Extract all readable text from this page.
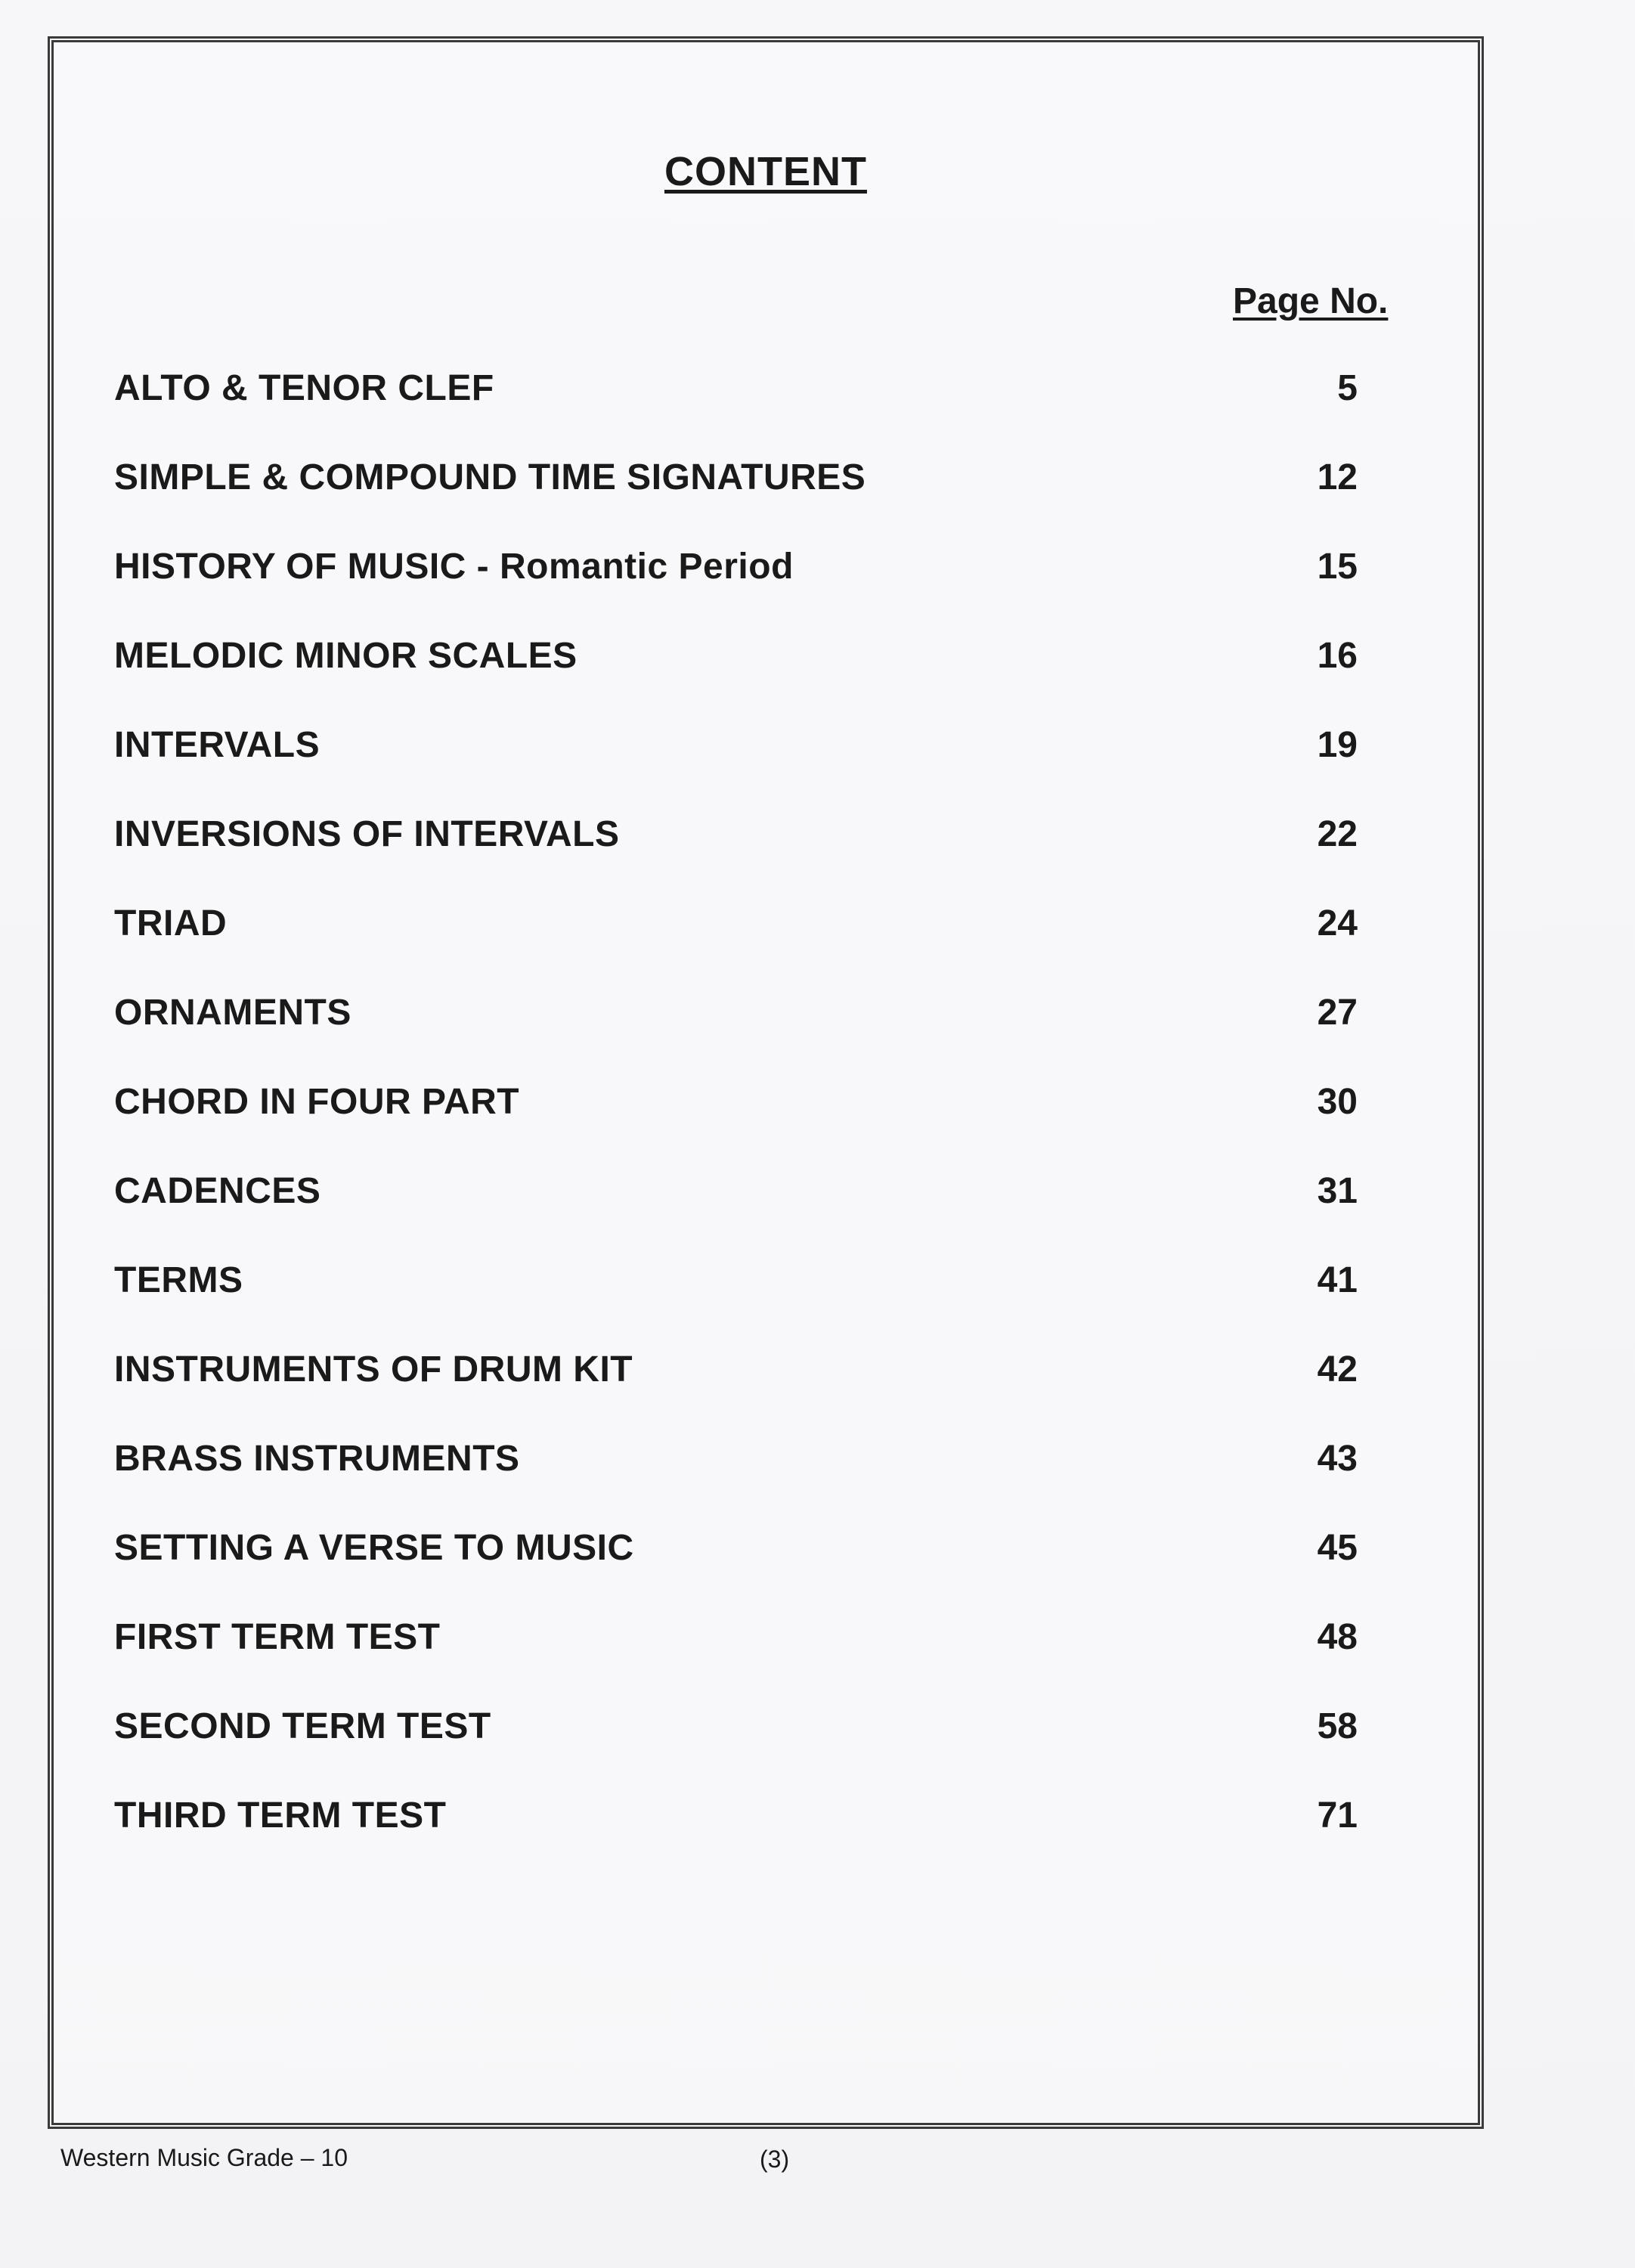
CONTENT
Page No.
ALTO & TENOR CLEF	5
SIMPLE & COMPOUND TIME SIGNATURES	12
HISTORY OF MUSIC - Romantic Period	15
MELODIC MINOR SCALES	16
INTERVALS	19
INVERSIONS OF INTERVALS	22
TRIAD	24
ORNAMENTS	27
CHORD IN FOUR PART	30
CADENCES	31
TERMS	41
INSTRUMENTS OF DRUM KIT	42
BRASS INSTRUMENTS	43
SETTING A VERSE TO MUSIC	45
FIRST TERM TEST	48
SECOND TERM TEST	58
THIRD TERM TEST	71
Western Music Grade – 10	(3)
